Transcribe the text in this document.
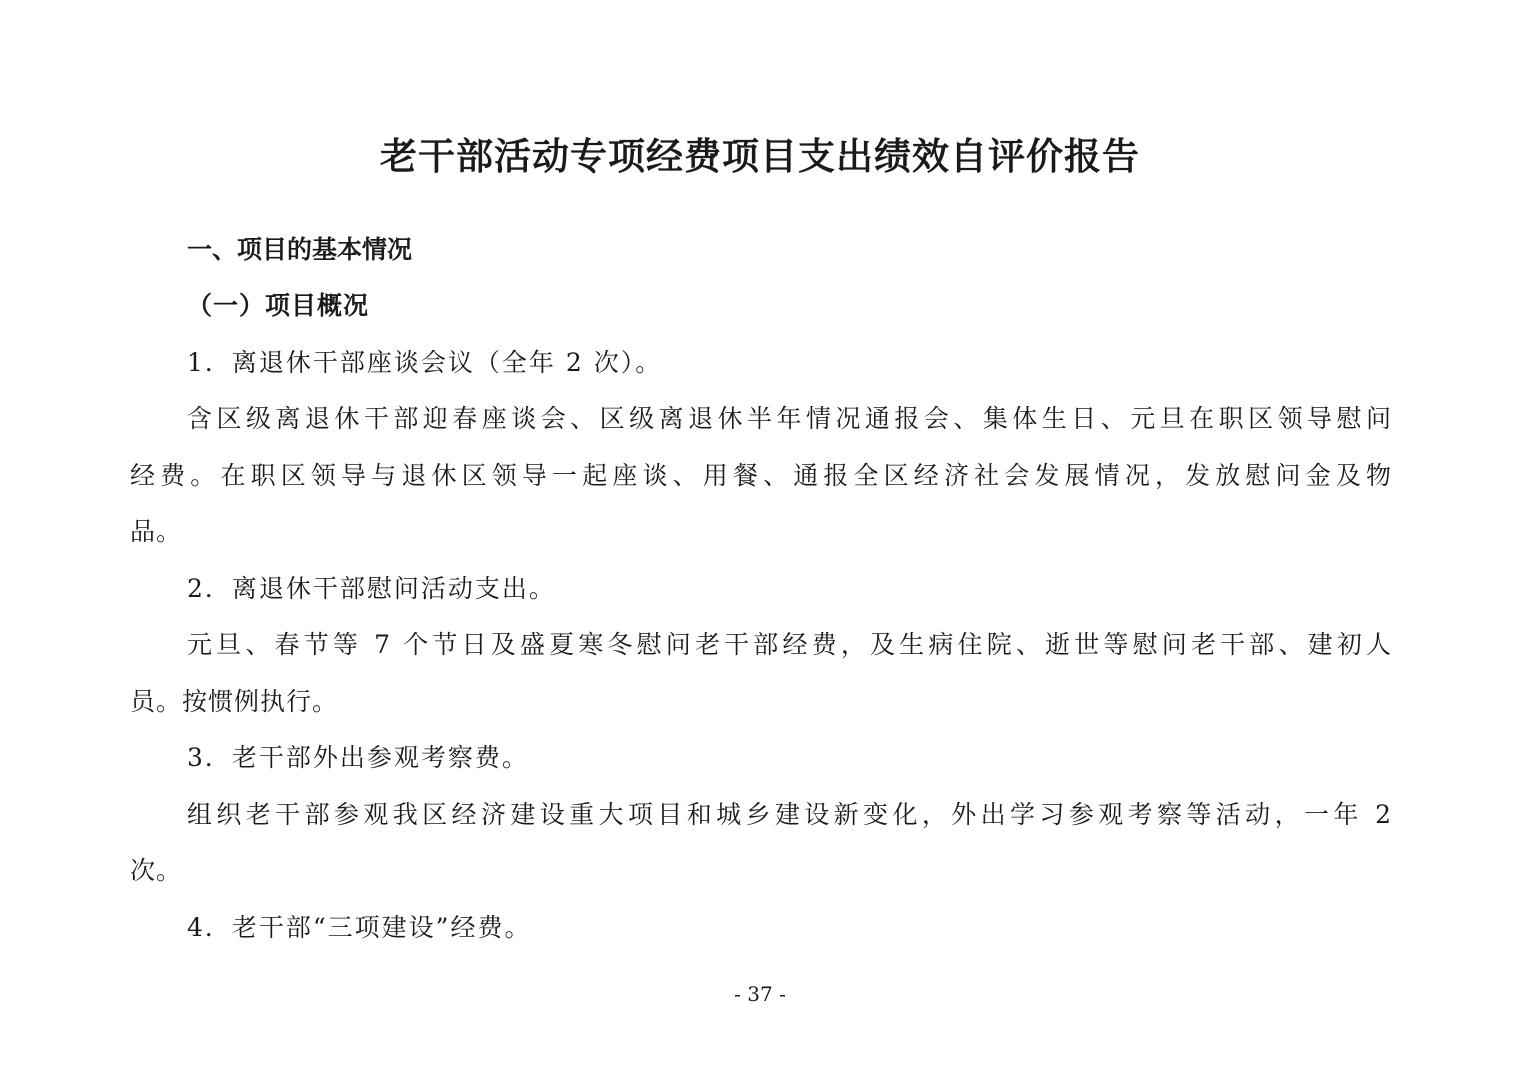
老干部活动专项经费项目支出绩效自评价报告

一、项目的基本情况

（一）项目概况

1．离退休干部座谈会议（全年 2 次）。

含区级离退休干部迎春座谈会、区级离退休半年情况通报会、集体生日、元旦在职区领导慰问

经费。在职区领导与退休区领导一起座谈、用餐、通报全区经济社会发展情况，发放慰问金及物

品。

2．离退休干部慰问活动支出。

元旦、春节等 7 个节日及盛夏寒冬慰问老干部经费，及生病住院、逝世等慰问老干部、建初人

员。按惯例执行。

3．老干部外出参观考察费。

组织老干部参观我区经济建设重大项目和城乡建设新变化，外出学习参观考察等活动，一年 2

次。

4．老干部“三项建设”经费。

- 37 -
